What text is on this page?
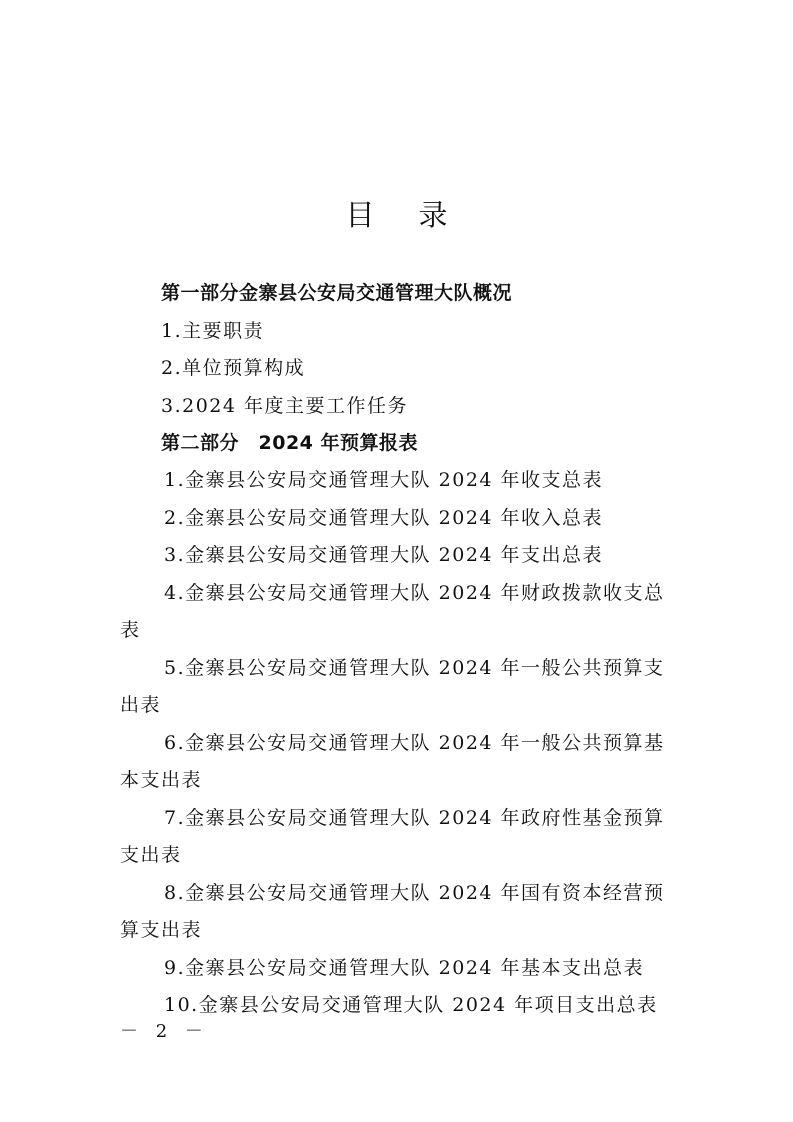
目录
第一部分金寨县公安局交通管理大队概况
1.主要职责
2.单位预算构成
3.2024 年度主要工作任务
第二部分　2024 年预算报表
1.金寨县公安局交通管理大队 2024 年收支总表
2.金寨县公安局交通管理大队 2024 年收入总表
3.金寨县公安局交通管理大队 2024 年支出总表
4.金寨县公安局交通管理大队 2024 年财政拨款收支总
表
5.金寨县公安局交通管理大队 2024 年一般公共预算支
出表
6.金寨县公安局交通管理大队 2024 年一般公共预算基
本支出表
7.金寨县公安局交通管理大队 2024 年政府性基金预算
支出表
8.金寨县公安局交通管理大队 2024 年国有资本经营预
算支出表
9.金寨县公安局交通管理大队 2024 年基本支出总表
10.金寨县公安局交通管理大队 2024 年项目支出总表
－ 2 －
